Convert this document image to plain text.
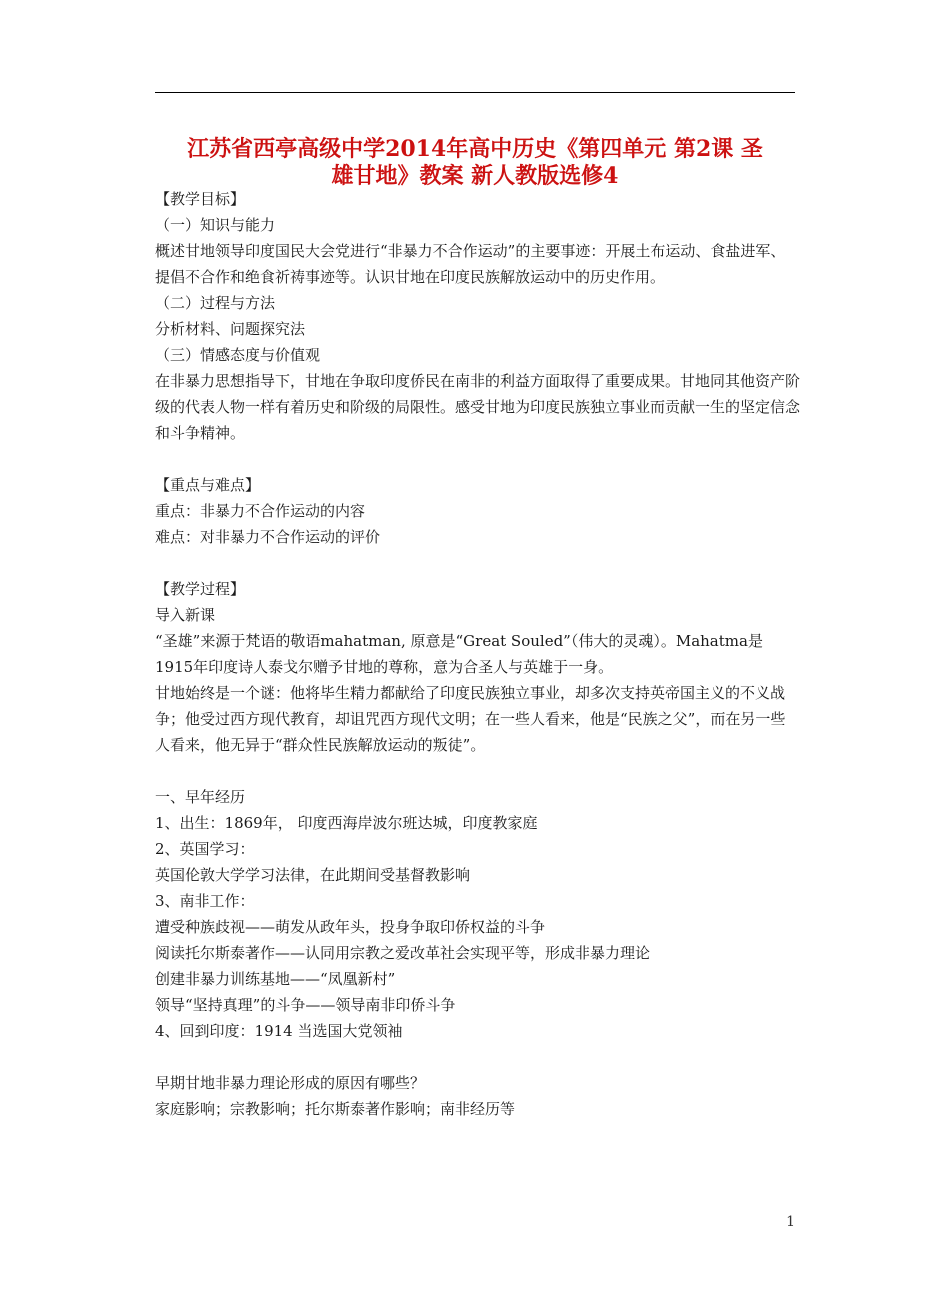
江苏省西亭高级中学2014年高中历史《第四单元 第2课 圣
雄甘地》教案 新人教版选修4

【教学目标】

（一）知识与能力

概述甘地领导印度国民大会党进行“非暴力不合作运动”的主要事迹：开展土布运动、食盐进军、提倡不合作和绝食祈祷事迹等。认识甘地在印度民族解放运动中的历史作用。

（二）过程与方法

分析材料、问题探究法

（三）情感态度与价值观

在非暴力思想指导下，甘地在争取印度侨民在南非的利益方面取得了重要成果。甘地同其他资产阶级的代表人物一样有着历史和阶级的局限性。感受甘地为印度民族独立事业而贡献一生的坚定信念和斗争精神。

【重点与难点】

重点：非暴力不合作运动的内容

难点：对非暴力不合作运动的评价

【教学过程】

导入新课

“圣雄”来源于梵语的敬语mahatman, 原意是“Great Souled”（伟大的灵魂）。Mahatma是1915年印度诗人泰戈尔赠予甘地的尊称，意为合圣人与英雄于一身。

甘地始终是一个谜：他将毕生精力都献给了印度民族独立事业，却多次支持英帝国主义的不义战争；他受过西方现代教育，却诅咒西方现代文明；在一些人看来，他是“民族之父”，而在另一些人看来，他无异于“群众性民族解放运动的叛徒”。

一、早年经历

1、出生：1869年， 印度西海岸波尔班达城，印度教家庭

2、英国学习：

英国伦敦大学学习法律，在此期间受基督教影响

3、南非工作：

遭受种族歧视——萌发从政年头，投身争取印侨权益的斗争

阅读托尔斯泰著作——认同用宗教之爱改革社会实现平等，形成非暴力理论

创建非暴力训练基地——“凤凰新村”

领导“坚持真理”的斗争——领导南非印侨斗争

4、回到印度：1914 当选国大党领袖

早期甘地非暴力理论形成的原因有哪些？

家庭影响；宗教影响；托尔斯泰著作影响；南非经历等

1
